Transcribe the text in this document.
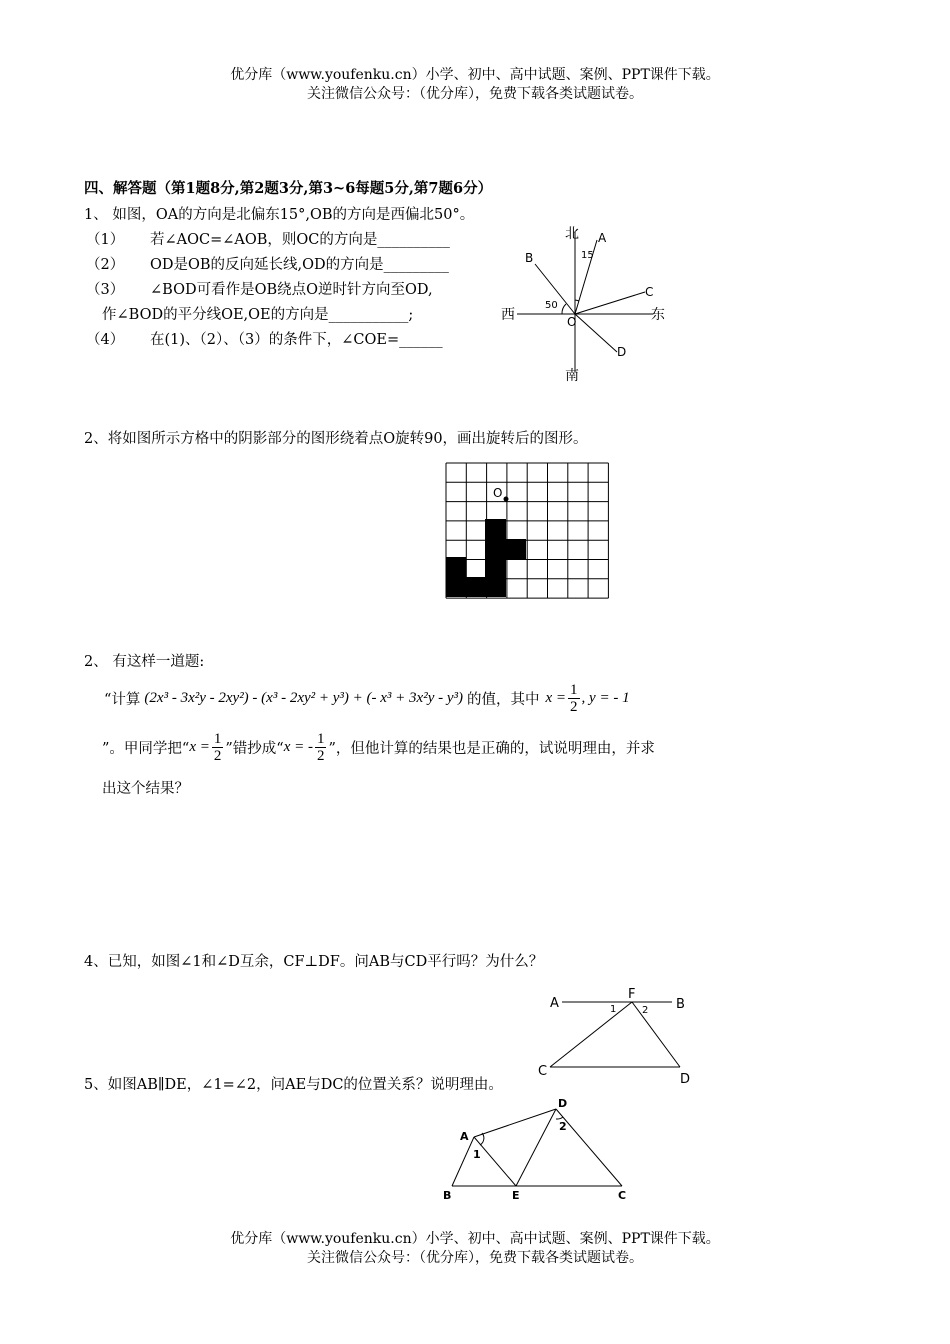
优分库（www.youfenku.cn）小学、初中、高中试题、案例、PPT课件下载。
关注微信公众号：（优分库），免费下载各类试题试卷。
四、解答题（第1题8分,第2题3分,第3~6每题5分,第7题6分）
1、 如图，OA的方向是北偏东15°,OB的方向是西偏北50°。
（1） 若∠AOC=∠AOB，则OC的方向是__________
（2） OD是OB的反向延长线,OD的方向是_________
（3） ∠BOD可看作是OB绕点O逆时针方向至OD,
作∠BOD的平分线OE,OE的方向是___________;
（4） 在(1)、（2）、（3）的条件下，∠COE=______
北
南
东
西
A
B
C
D
O
15
50
2、将如图所示方格中的阴影部分的图形绕着点O旋转90，画出旋转后的图形。
O
2、 有这样一道题:
“计算 (2x³ - 3x²y - 2xy²) - (x³ - 2xy² + y³) + (- x³ + 3x²y - y³) 的值，其中 $x = \frac{1}{2}$ , y = - 1
”。甲同学把“ $x = \frac{1}{2}$ ”错抄成“ x = - $\frac{1}{2}$ ”，但他计算的结果也是正确的，试说明理由，并求
出这个结果？
4、已知，如图∠1和∠D互余，CF⊥DF。问AB与CD平行吗？为什么？
A	B
C
D
F
1	2
5、如图AB∥DE，∠1=∠2，问AE与DC的位置关系？说明理由。
A
B	C
D
E
1
2
优分库（www.youfenku.cn）小学、初中、高中试题、案例、PPT课件下载。
关注微信公众号：（优分库），免费下载各类试题试卷。
